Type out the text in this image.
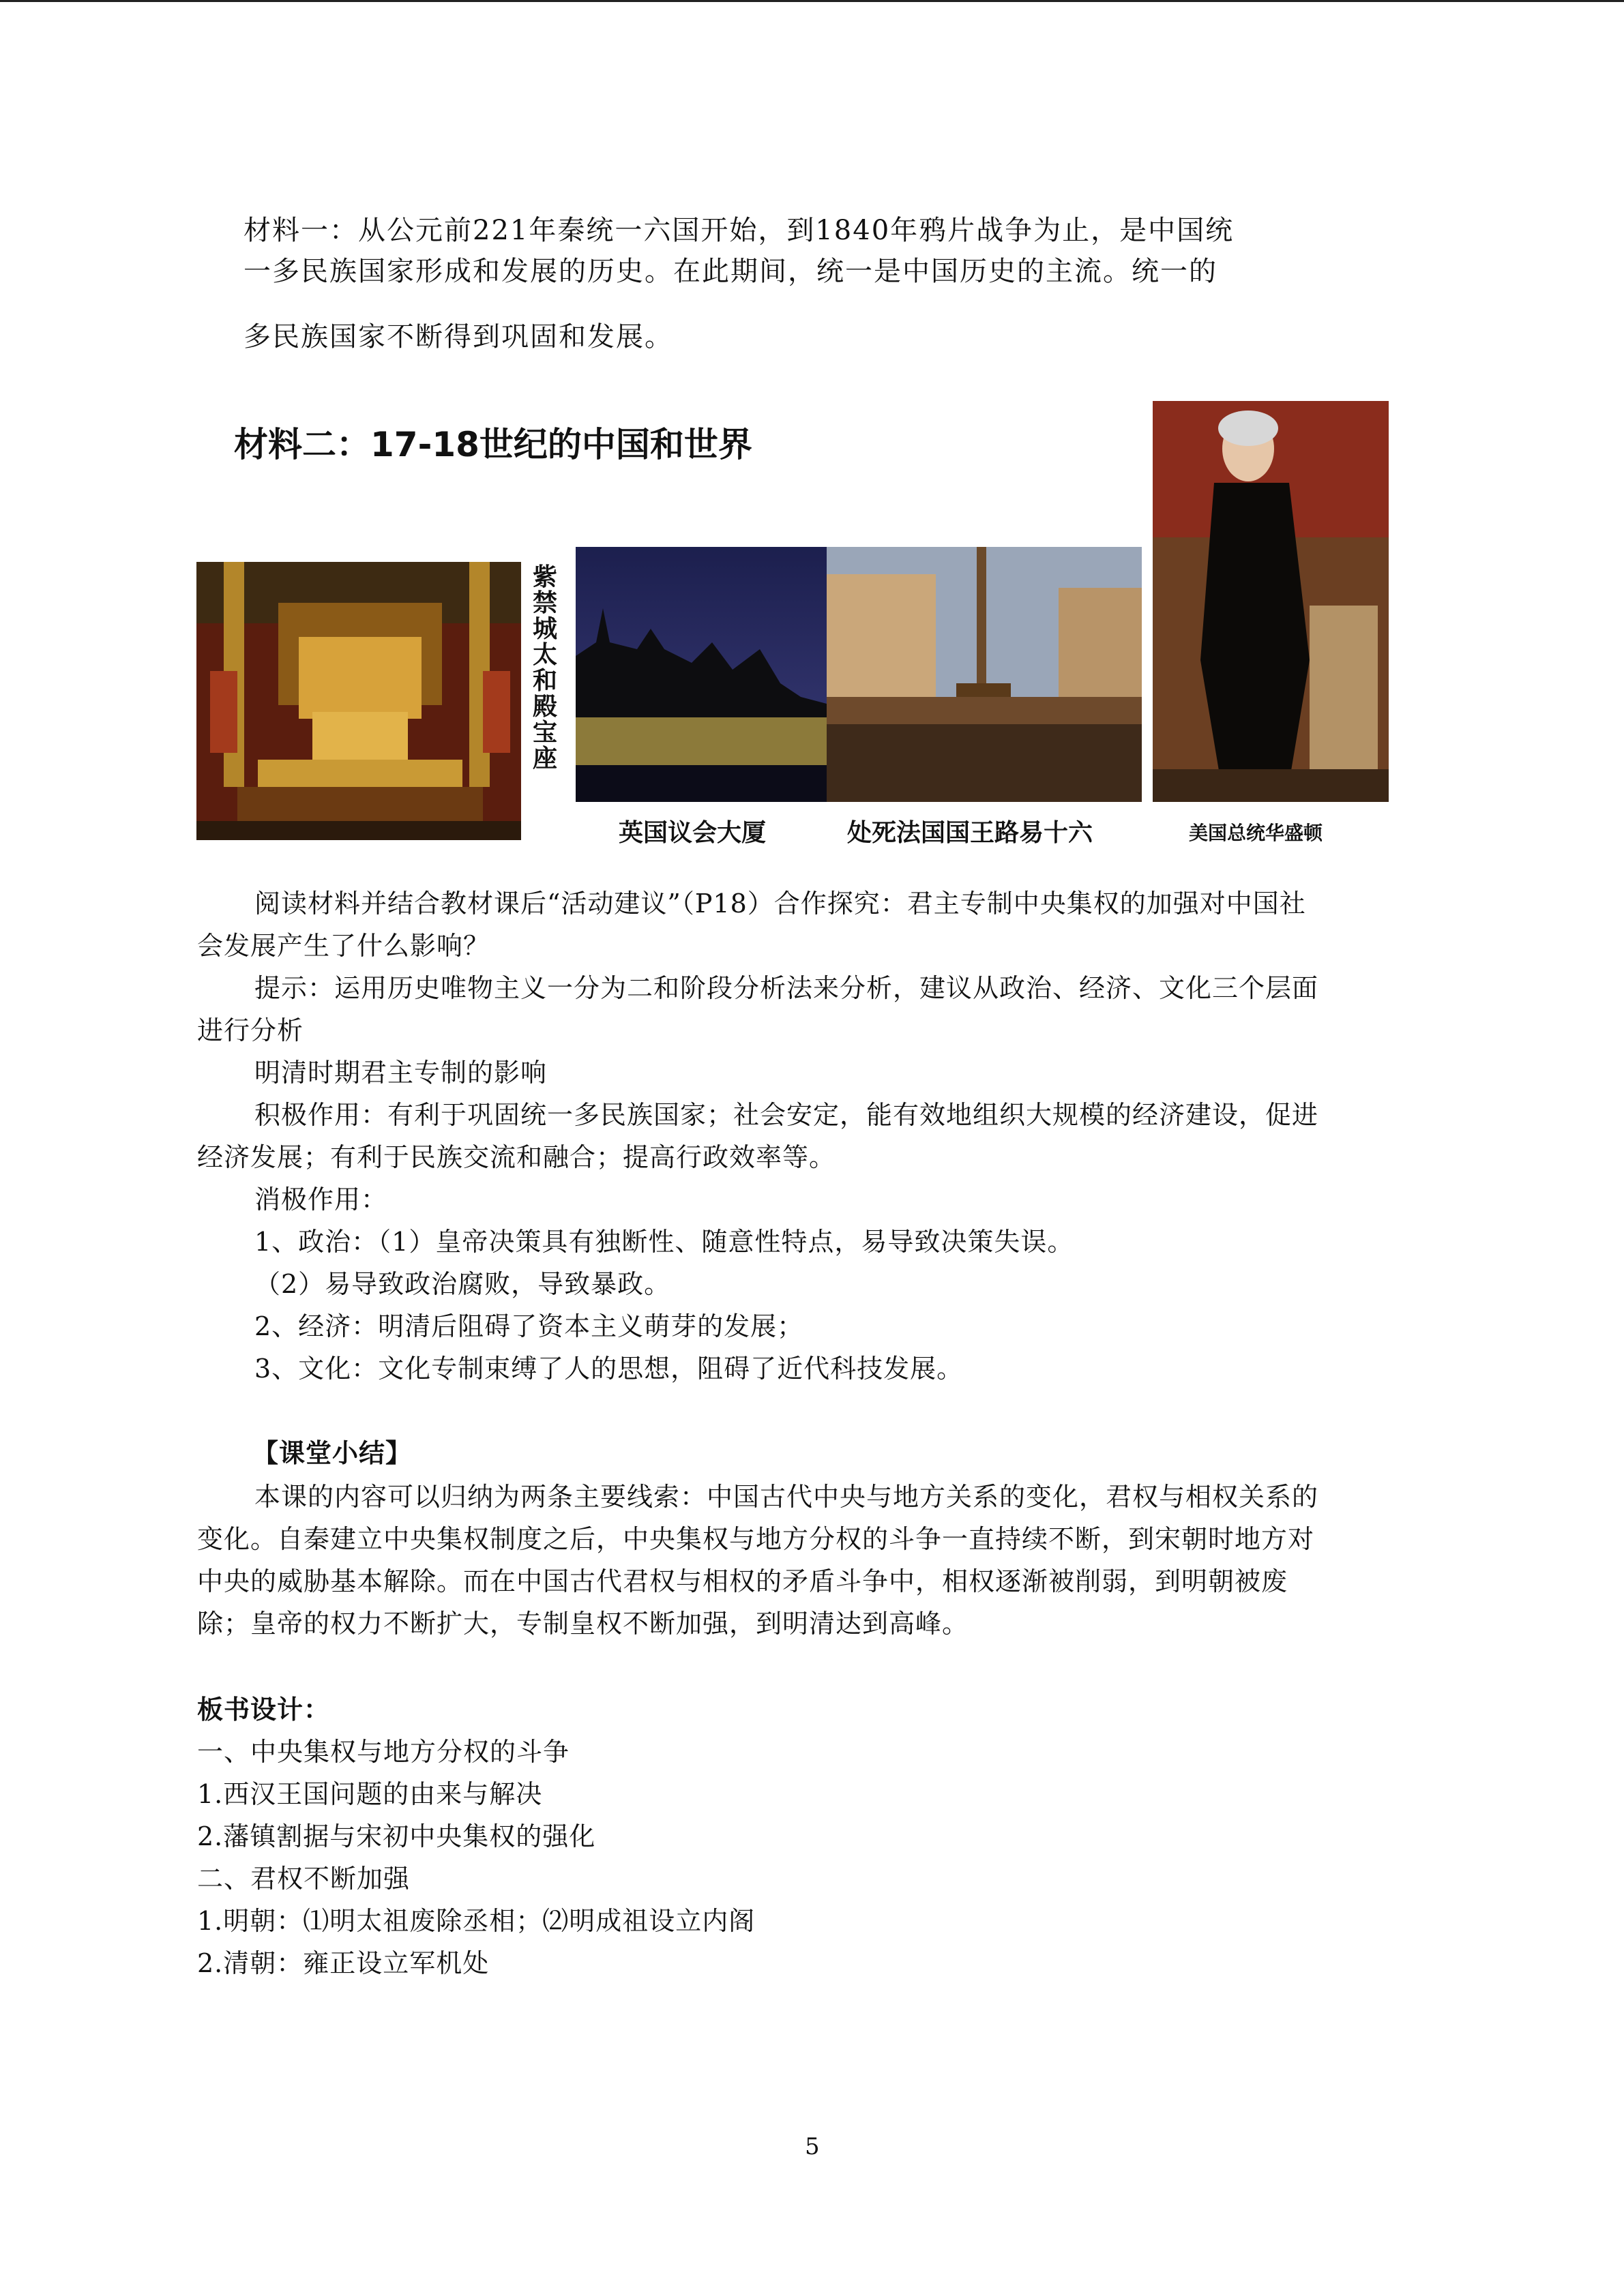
材料一：从公元前221年秦统一六国开始，到1840年鸦片战争为止，是中国统

一多民族国家形成和发展的历史。在此期间，统一是中国历史的主流。统一的

多民族国家不断得到巩固和发展。

材料二：17-18世纪的中国和世界

紫禁城太和殿宝座
英国议会大厦	处死法国国王路易十六	美国总统华盛顿

阅读材料并结合教材课后“活动建议”（P18）合作探究：君主专制中央集权的加强对中国社

会发展产生了什么影响？

提示：运用历史唯物主义一分为二和阶段分析法来分析，建议从政治、经济、文化三个层面

进行分析

明清时期君主专制的影响

积极作用：有利于巩固统一多民族国家；社会安定，能有效地组织大规模的经济建设，促进

经济发展；有利于民族交流和融合；提高行政效率等。

消极作用：

1、政治：（1）皇帝决策具有独断性、随意性特点，易导致决策失误。

（2）易导致政治腐败，导致暴政。

2、经济：明清后阻碍了资本主义萌芽的发展；

3、文化：文化专制束缚了人的思想，阻碍了近代科技发展。

【课堂小结】

本课的内容可以归纳为两条主要线索：中国古代中央与地方关系的变化，君权与相权关系的

变化。自秦建立中央集权制度之后，中央集权与地方分权的斗争一直持续不断，到宋朝时地方对

中央的威胁基本解除。而在中国古代君权与相权的矛盾斗争中，相权逐渐被削弱，到明朝被废

除；皇帝的权力不断扩大，专制皇权不断加强，到明清达到高峰。

板书设计：

一、中央集权与地方分权的斗争

1.西汉王国问题的由来与解决

2.藩镇割据与宋初中央集权的强化

二、君权不断加强

1.明朝：⑴明太祖废除丞相；⑵明成祖设立内阁

2.清朝：雍正设立军机处

5
